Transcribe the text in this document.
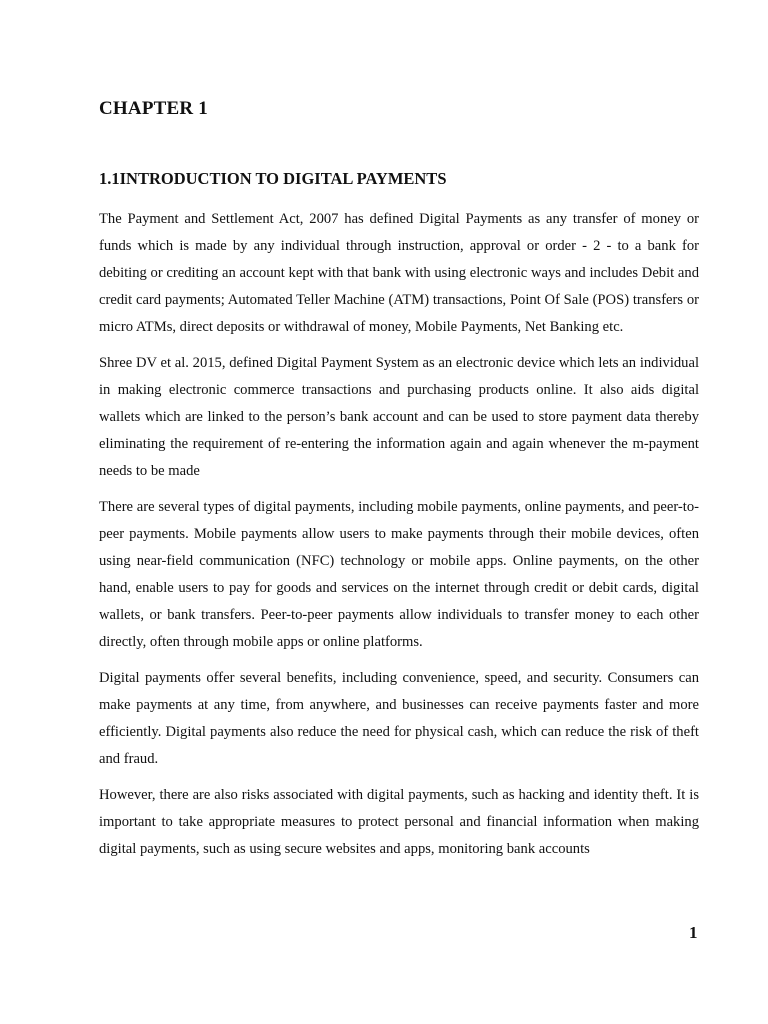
CHAPTER 1
1.1INTRODUCTION TO DIGITAL PAYMENTS

The Payment and Settlement Act, 2007 has defined Digital Payments as any transfer of money or funds which is made by any individual through instruction, approval or order - 2 - to a bank for debiting or crediting an account kept with that bank with using electronic ways and includes Debit and credit card payments; Automated Teller Machine (ATM) transactions, Point Of Sale (POS) transfers or micro ATMs, direct deposits or withdrawal of money, Mobile Payments, Net Banking etc.

Shree DV et al. 2015, defined Digital Payment System as an electronic device which lets an individual in making electronic commerce transactions and purchasing products online. It also aids digital wallets which are linked to the person’s bank account and can be used to store payment data thereby eliminating the requirement of re-entering the information again and again whenever the m-payment needs to be made

There are several types of digital payments, including mobile payments, online payments, and peer-to-peer payments. Mobile payments allow users to make payments through their mobile devices, often using near-field communication (NFC) technology or mobile apps. Online payments, on the other hand, enable users to pay for goods and services on the internet through credit or debit cards, digital wallets, or bank transfers. Peer-to-peer payments allow individuals to transfer money to each other directly, often through mobile apps or online platforms.

Digital payments offer several benefits, including convenience, speed, and security. Consumers can make payments at any time, from anywhere, and businesses can receive payments faster and more efficiently. Digital payments also reduce the need for physical cash, which can reduce the risk of theft and fraud.

However, there are also risks associated with digital payments, such as hacking and identity theft. It is important to take appropriate measures to protect personal and financial information when making digital payments, such as using secure websites and apps, monitoring bank accounts

1
